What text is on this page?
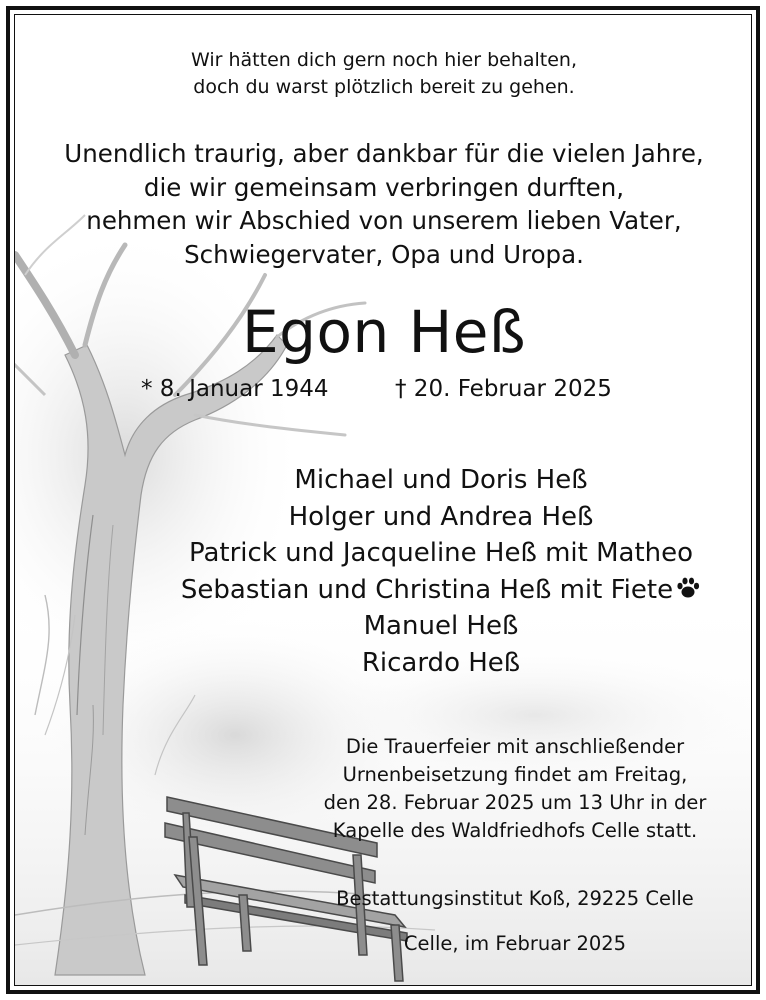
Wir hätten dich gern noch hier behalten,
doch du warst plötzlich bereit zu gehen.
Unendlich traurig, aber dankbar für die vielen Jahre,
die wir gemeinsam verbringen durften,
nehmen wir Abschied von unserem lieben Vater,
Schwiegervater, Opa und Uropa.
Egon Heß
* 8. Januar 1944	† 20. Februar 2025
Michael und Doris Heß
Holger und Andrea Heß
Patrick und Jacqueline Heß mit Matheo
Sebastian und Christina Heß mit Fiete
Manuel Heß
Ricardo Heß
Die Trauerfeier mit anschließender
Urnenbeisetzung findet am Freitag,
den 28. Februar 2025 um 13 Uhr in der
Kapelle des Waldfriedhofs Celle statt.
Bestattungsinstitut Koß, 29225 Celle
Celle, im Februar 2025
